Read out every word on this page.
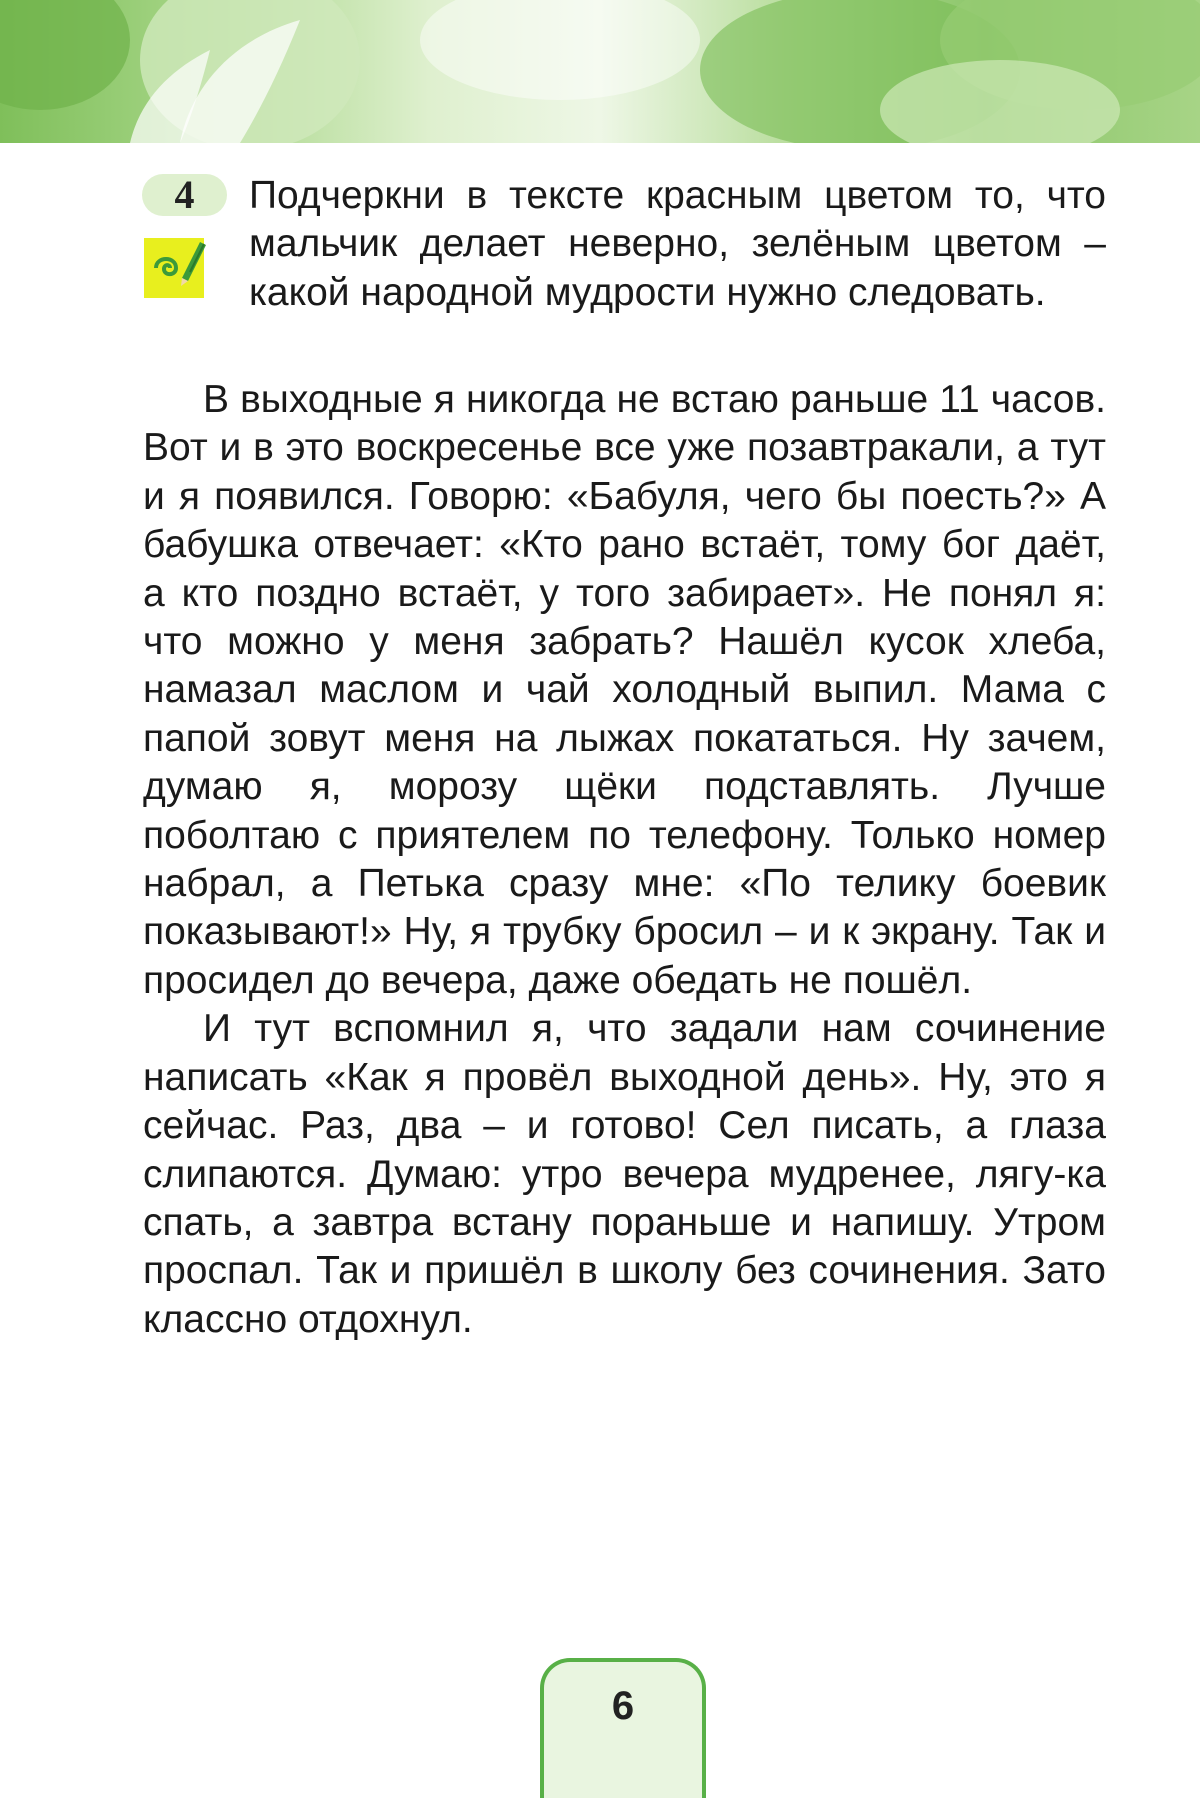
4	Подчеркни в тексте красным цветом то, что мальчик делает неверно, зелёным цветом – какой народной мудрости нужно следовать.

В выходные я никогда не встаю раньше 11 часов. Вот и в это воскресенье все уже позавтракали, а тут и я появился. Говорю: «Бабуля, чего бы поесть?» А бабушка отвечает: «Кто рано встаёт, тому бог даёт, а кто поздно встаёт, у того забирает». Не понял я: что можно у меня забрать? Нашёл кусок хлеба, намазал маслом и чай холодный выпил. Мама с папой зовут меня на лыжах покататься. Ну зачем, думаю я, морозу щёки подставлять. Лучше поболтаю с приятелем по телефону. Только номер набрал, а Петька сразу мне: «По телику боевик показывают!» Ну, я трубку бросил – и к экрану. Так и просидел до вечера, даже обедать не пошёл.

И тут вспомнил я, что задали нам сочинение написать «Как я провёл выходной день». Ну, это я сейчас. Раз, два – и готово! Сел писать, а глаза слипаются. Думаю: утро вечера мудренее, лягу-ка спать, а завтра встану пораньше и напишу. Утром проспал. Так и пришёл в школу без сочинения. Зато классно отдохнул.

6
